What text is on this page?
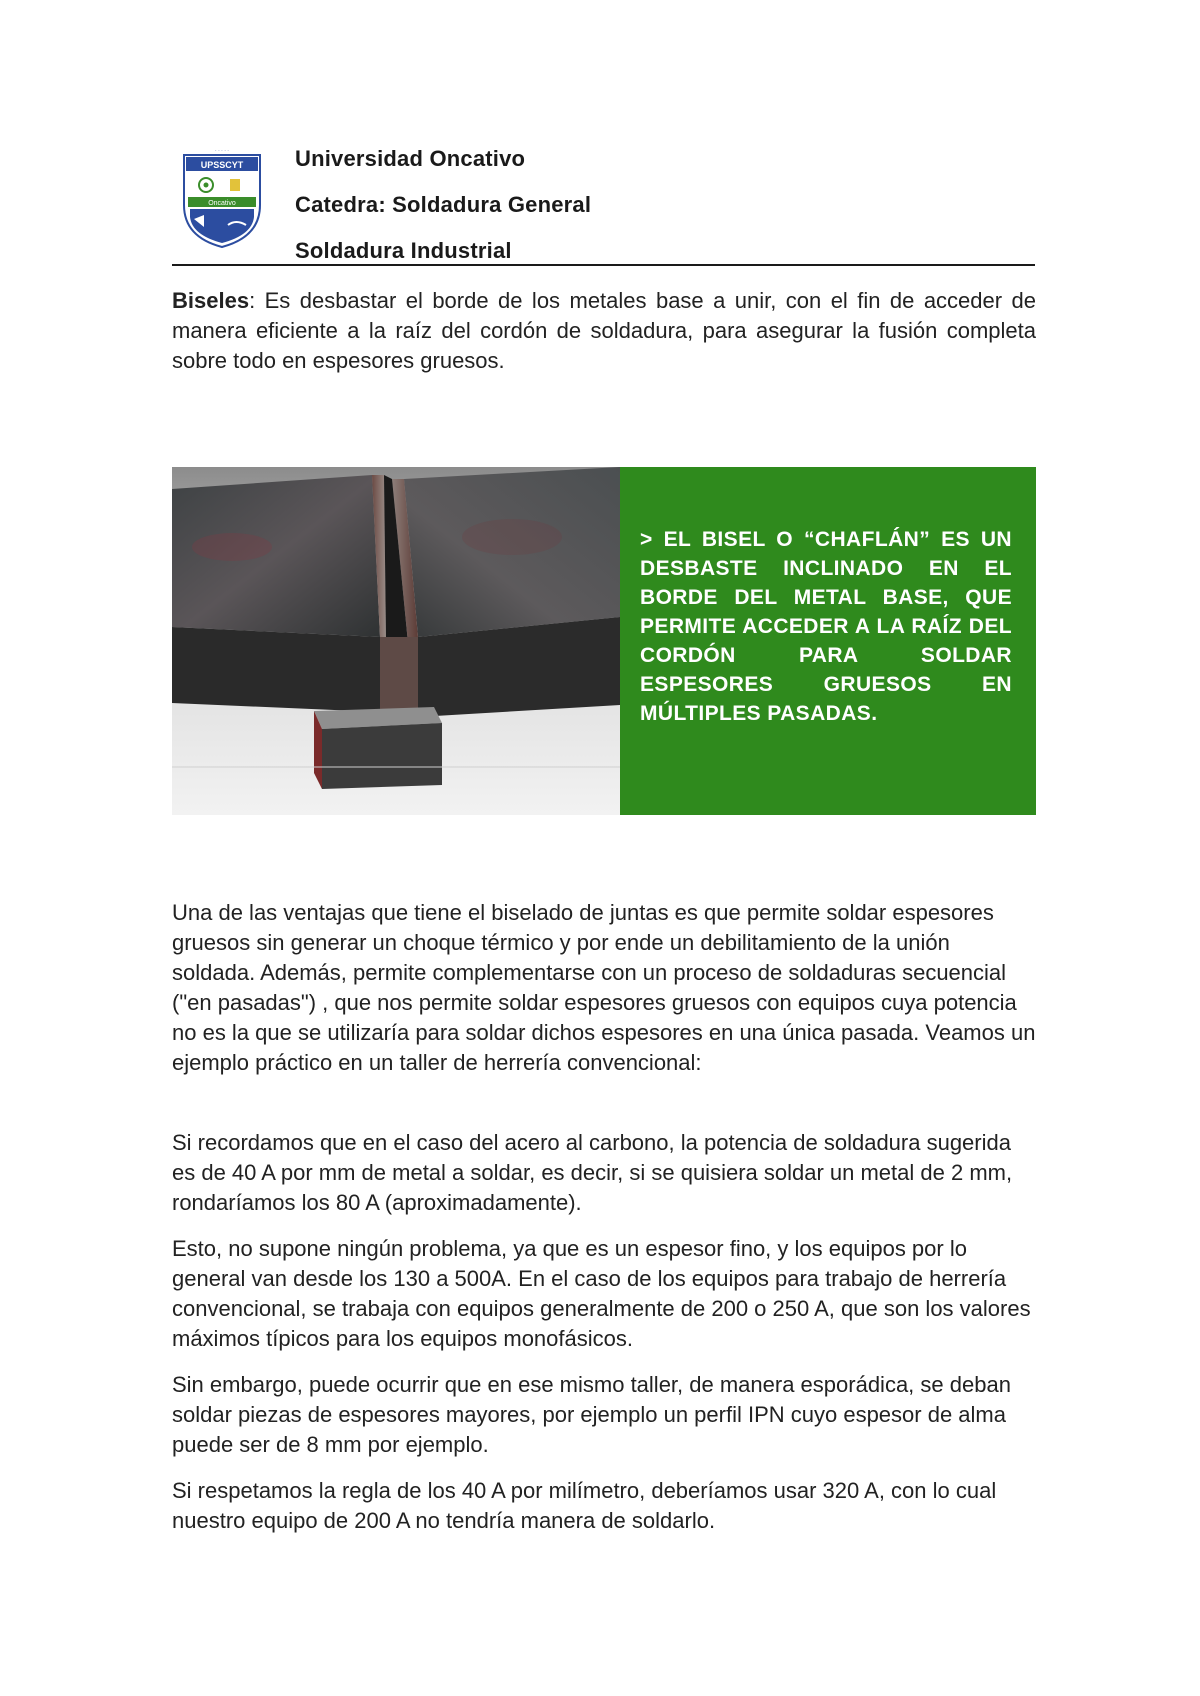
UPSSCYT
Oncativo
· · · · ·	Universidad Oncativo
Catedra: Soldadura General
Soldadura Industrial
Biseles: Es desbastar el borde de los metales base a unir, con el fin de acceder de manera eficiente a la raíz del cordón de soldadura, para asegurar la fusión completa sobre todo en espesores gruesos.
> EL BISEL O “CHAFLÁN” ES UN DESBASTE INCLINADO EN EL BORDE DEL METAL BASE, QUE PERMITE ACCEDER A LA RAÍZ DEL CORDÓN PARA SOLDAR ESPESORES GRUESOS EN MÚLTIPLES PASADAS.
Una de las ventajas que tiene el biselado de juntas es que permite soldar espesores gruesos sin generar un choque térmico y por ende un debilitamiento de la unión soldada. Además, permite complementarse con un proceso de soldaduras secuencial ("en pasadas") , que nos permite soldar espesores gruesos con equipos cuya potencia no es la que se utilizaría para soldar dichos espesores en una única pasada. Veamos un ejemplo práctico en un taller de herrería convencional:
Si recordamos que en el caso del acero al carbono, la potencia de soldadura sugerida es de 40 A por mm de metal a soldar, es decir, si se quisiera soldar un metal de 2 mm, rondaríamos los 80 A (aproximadamente).
Esto, no supone ningún problema, ya que es un espesor fino, y los equipos por lo general van desde los 130 a 500A. En el caso de los equipos para trabajo de herrería convencional, se trabaja con equipos generalmente de 200 o 250 A, que son los valores máximos típicos para los equipos monofásicos.
Sin embargo, puede ocurrir que en ese mismo taller, de manera esporádica, se deban soldar piezas de espesores mayores, por ejemplo un perfil IPN cuyo espesor de alma puede ser de 8 mm por ejemplo.
Si respetamos la regla de los 40 A por milímetro, deberíamos usar 320 A, con lo cual nuestro equipo de 200 A no tendría manera de soldarlo.
